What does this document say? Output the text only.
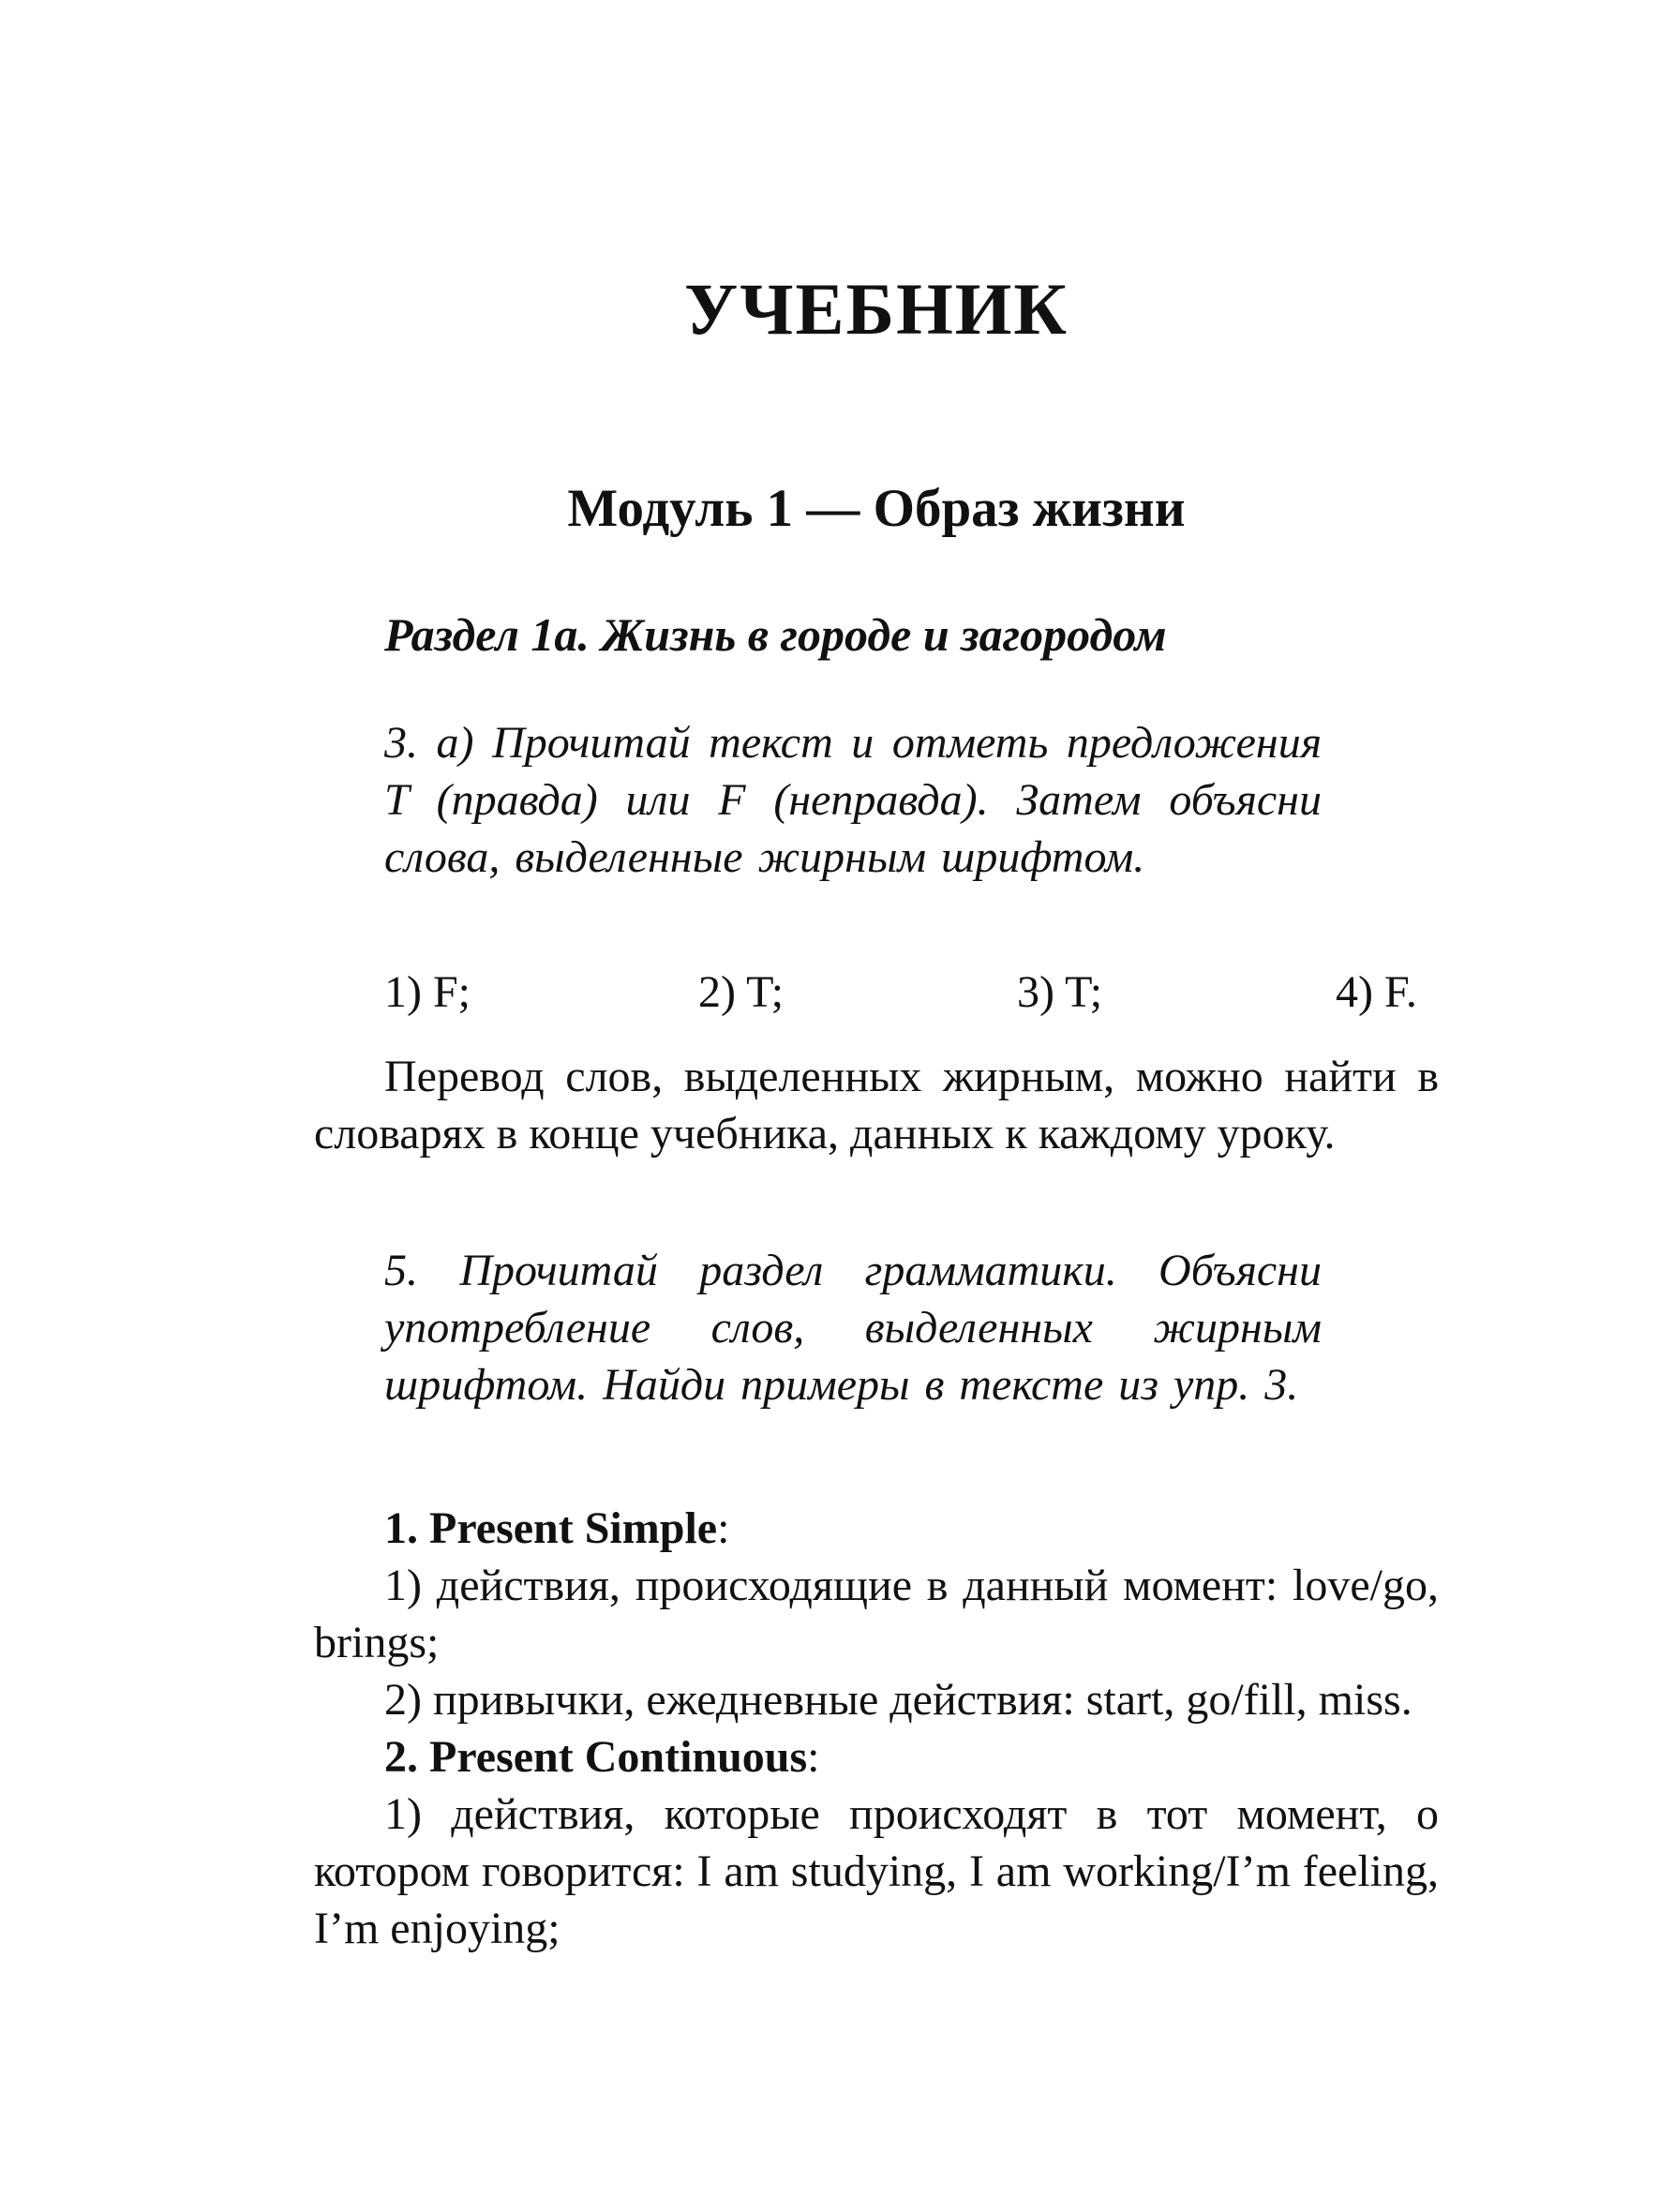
УЧЕБНИК
Модуль 1 — Образ жизни
Раздел 1а. Жизнь в городе и загородом
3. а) Прочитай текст и отметь предложения T (правда) или F (неправда). Затем объясни слова, выделенные жирным шрифтом.
1) F;	2) T;	3) T;	4) F.
Перевод слов, выделенных жирным, можно найти в словарях в конце учебника, данных к каждому уроку.
5. Прочитай раздел грамматики. Объясни употребление слов, выделенных жирным шрифтом. Найди примеры в тексте из упр. 3.
1. Present Simple:
1) действия, происходящие в данный момент: love/go, brings;
2) привычки, ежедневные действия: start, go/fill, miss.
2. Present Continuous:
1) действия, которые происходят в тот момент, о котором говорится: I am studying, I am working/I’m feeling, I’m enjoying;
